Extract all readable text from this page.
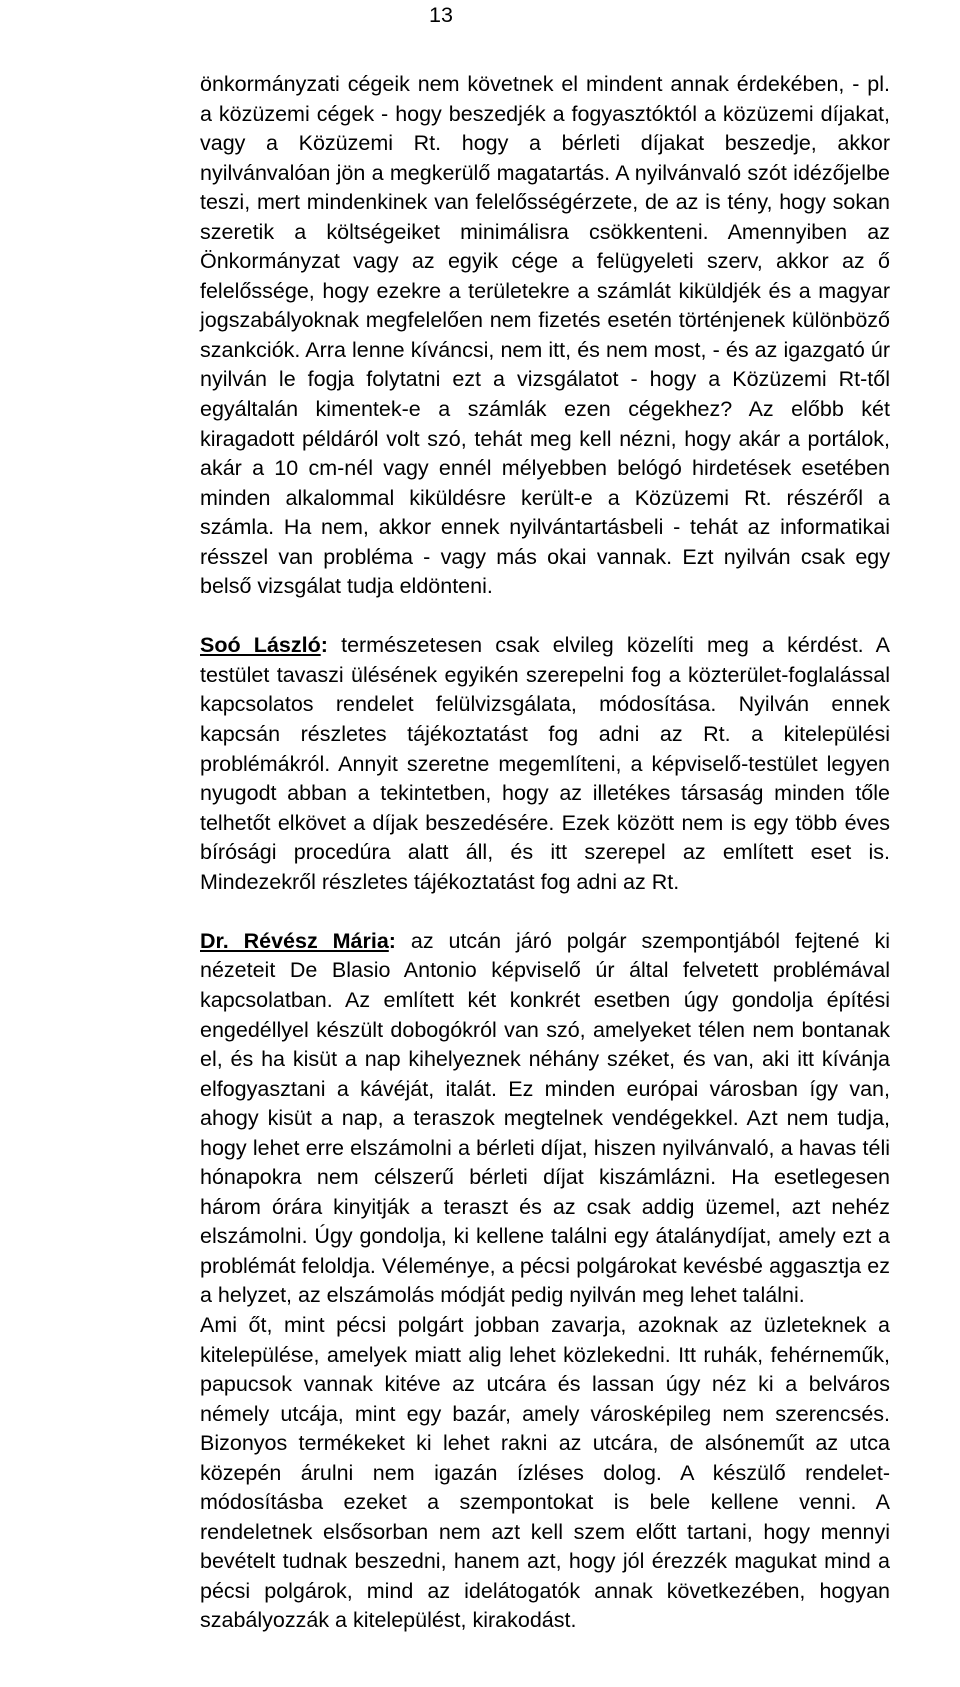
13

önkormányzati cégeik nem követnek el mindent annak érdekében, - pl. a közüzemi cégek - hogy beszedjék a fogyasztóktól a közüzemi díjakat, vagy a Közüzemi Rt. hogy a bérleti díjakat beszedje, akkor nyilvánvalóan jön a megkerülő magatartás. A nyilvánvaló szót idézőjelbe teszi, mert mindenkinek van felelősségérzete, de az is tény, hogy sokan szeretik a költségeiket minimálisra csökkenteni. Amennyiben az Önkormányzat vagy az egyik cége a felügyeleti szerv, akkor az ő felelőssége, hogy ezekre a területekre a számlát kiküldjék és a magyar jogszabályoknak megfelelően nem fizetés esetén történjenek különböző szankciók. Arra lenne kíváncsi, nem itt, és nem most, - és az igazgató úr nyilván le fogja folytatni ezt a vizsgálatot - hogy a Közüzemi Rt-től egyáltalán kimentek-e a számlák ezen cégekhez? Az előbb két kiragadott példáról volt szó, tehát meg kell nézni, hogy akár a portálok, akár a 10 cm-nél vagy ennél mélyebben belógó hirdetések esetében minden alkalommal kiküldésre került-e a Közüzemi Rt. részéről a számla. Ha nem, akkor ennek nyilvántartásbeli - tehát az informatikai résszel van probléma - vagy más okai vannak. Ezt nyilván csak egy belső vizsgálat tudja eldönteni.

Soó László: természetesen csak elvileg közelíti meg a kérdést. A testület tavaszi ülésének egyikén szerepelni fog a közterület-foglalással kapcsolatos rendelet felülvizsgálata, módosítása. Nyilván ennek kapcsán részletes tájékoztatást fog adni az Rt. a kitelepülési problémákról. Annyit szeretne megemlíteni, a képviselő-testület legyen nyugodt abban a tekintetben, hogy az illetékes társaság minden tőle telhetőt elkövet a díjak beszedésére. Ezek között nem is egy több éves bírósági procedúra alatt áll, és itt szerepel az említett eset is. Mindezekről részletes tájékoztatást fog adni az Rt.

Dr. Révész Mária: az utcán járó polgár szempontjából fejtené ki nézeteit De Blasio Antonio képviselő úr által felvetett problémával kapcsolatban. Az említett két konkrét esetben úgy gondolja építési engedéllyel készült dobogókról van szó, amelyeket télen nem bontanak el, és ha kisüt a nap kihelyeznek néhány széket, és van, aki itt kívánja elfogyasztani a kávéját, italát. Ez minden európai városban így van, ahogy kisüt a nap, a teraszok megtelnek vendégekkel. Azt nem tudja, hogy lehet erre elszámolni a bérleti díjat, hiszen nyilvánvaló, a havas téli hónapokra nem célszerű bérleti díjat kiszámlázni. Ha esetlegesen három órára kinyitják a teraszt és az csak addig üzemel, azt nehéz elszámolni. Úgy gondolja, ki kellene találni egy átalánydíjat, amely ezt a problémát feloldja. Véleménye, a pécsi polgárokat kevésbé aggasztja ez a helyzet, az elszámolás módját pedig nyilván meg lehet találni.

Ami őt, mint pécsi polgárt jobban zavarja, azoknak az üzleteknek a kitelepülése, amelyek miatt alig lehet közlekedni. Itt ruhák, fehérneműk, papucsok vannak kitéve az utcára és lassan úgy néz ki a belváros némely utcája, mint egy bazár, amely városképileg nem szerencsés. Bizonyos termékeket ki lehet rakni az utcára, de alsóneműt az utca közepén árulni nem igazán ízléses dolog. A készülő rendelet-módosításba ezeket a szempontokat is bele kellene venni. A rendeletnek elsősorban nem azt kell szem előtt tartani, hogy mennyi bevételt tudnak beszedni, hanem azt, hogy jól érezzék magukat mind a pécsi polgárok, mind az idelátogatók annak következében, hogyan szabályozzák a kitelepülést, kirakodást.
